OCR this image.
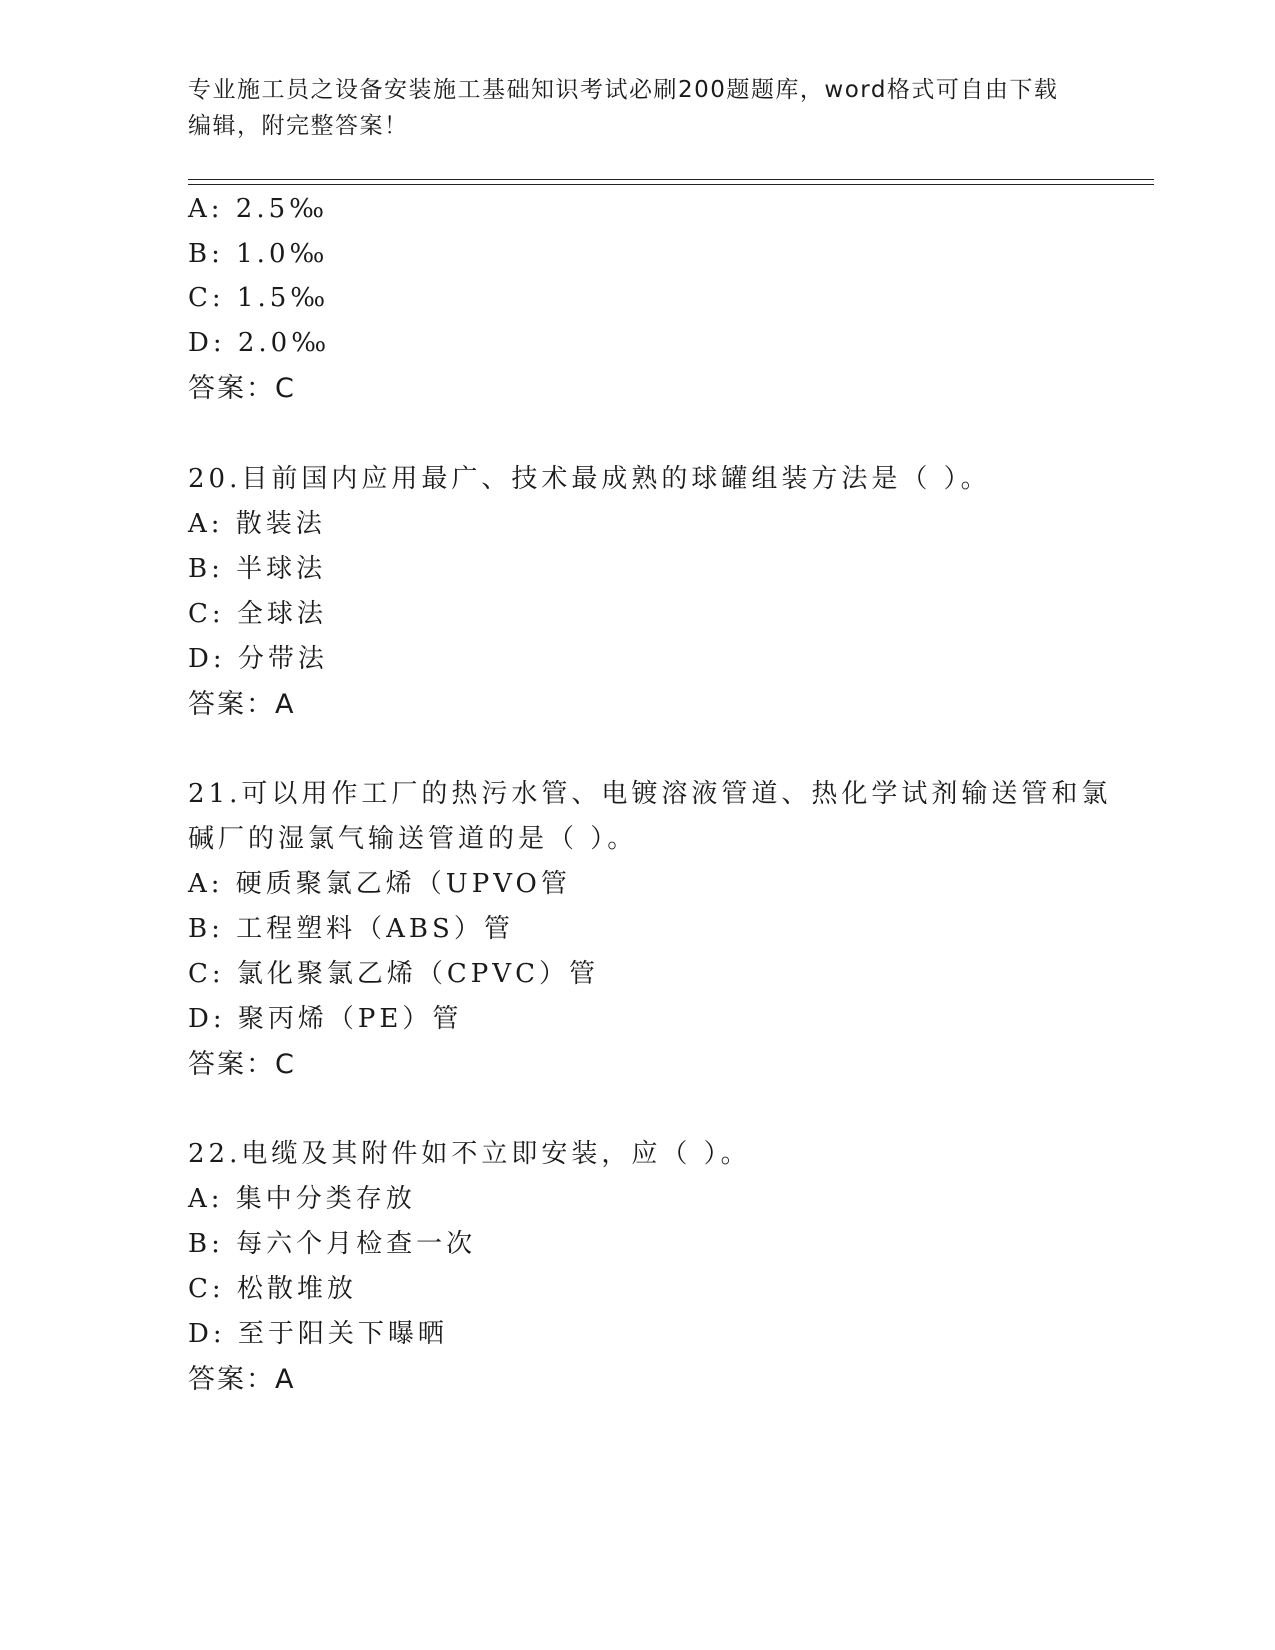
专业施工员之设备安装施工基础知识考试必刷200题题库，word格式可自由下载
编辑，附完整答案！
A: 2.5‰
B: 1.0‰
C: 1.5‰
D: 2.0‰
答案：C
20.目前国内应用最广、技术最成熟的球罐组装方法是（ ）。
A: 散装法
B: 半球法
C: 全球法
D: 分带法
答案：A
21.可以用作工厂的热污水管、电镀溶液管道、热化学试剂输送管和氯
碱厂的湿氯气输送管道的是（ ）。
A: 硬质聚氯乙烯（UPVO管
B: 工程塑料（ABS）管
C: 氯化聚氯乙烯（CPVC）管
D: 聚丙烯（PE）管
答案：C
22.电缆及其附件如不立即安装，应（ ）。
A: 集中分类存放
B: 每六个月检查一次
C: 松散堆放
D: 至于阳关下曝晒
答案：A
